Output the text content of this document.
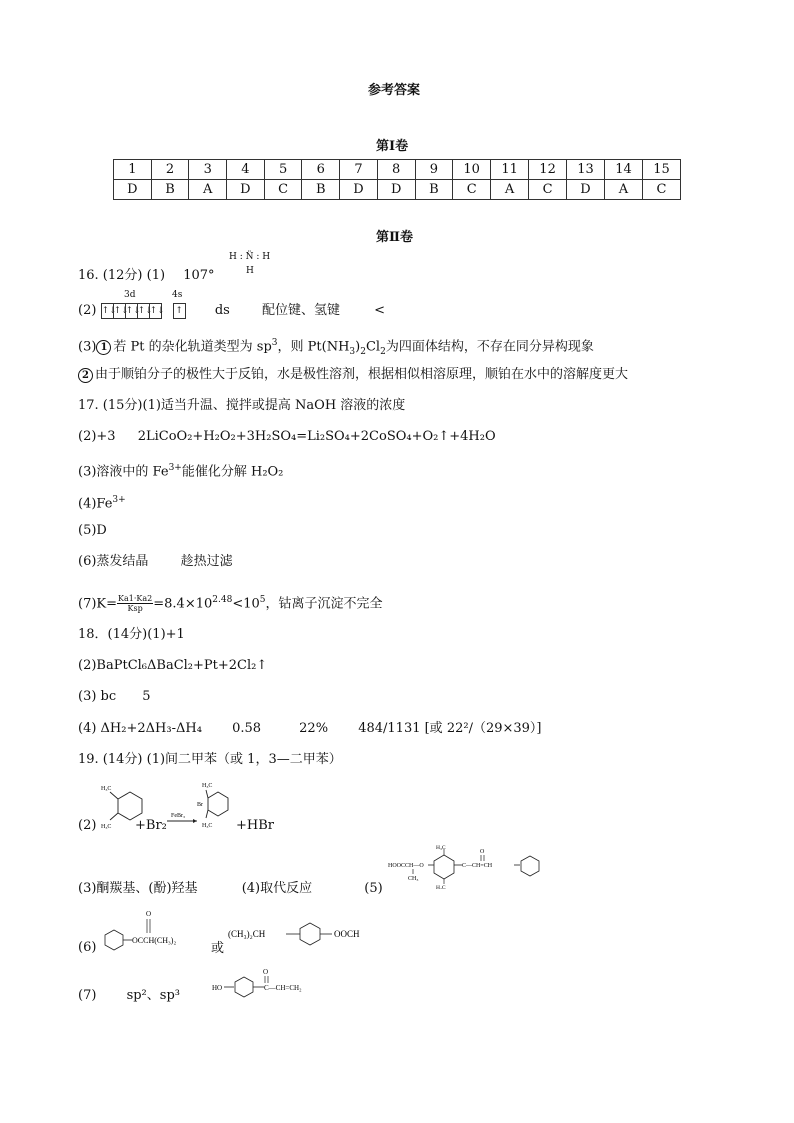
参考答案
第Ⅰ卷
1	2	3	4	5	6	7	8	9	10	11	12	13	14	15
D	B	A	D	C	B	D	D	B	C	A	C	D	A	C
第Ⅱ卷
16. (12分) (1) 107°
H : N̈ : H
H
3d	4s
(2) ↑↓↑↓↑↓↑↓↑↓ ↑ ds 配位键、氢键	<
(3) 1 若 Pt 的杂化轨道类型为 $sp^3$，则 $Pt(NH_3)_2Cl_2$为四面体结构，不存在同分异构现象
2 由于顺铂分子的极性大于反铂，水是极性溶剂，根据相似相溶原理，顺铂在水中的溶解度更大
17. (15分)(1)适当升温、搅拌或提高 NaOH 溶液的浓度
(2)+3 2LiCoO₂+H₂O₂+3H₂SO₄=Li₂SO₄+2CoSO₄+O₂↑+4H₂O
(3)溶液中的 $Fe^{3+}$能催化分解 H₂O₂
$(4)Fe^{3+}$
(5)D
(6)蒸发结晶 趁热过滤
$(7)K= \frac{Ka1\cdot Ka2}{\text{Ksp}} =8.4\times 10^{2.48}<10^5$，钴离子沉淀不完全
18．(14分)(1)+1
(2)BaPtCl₆ΔBaCl₂+Pt+2Cl₂↑
(3) bc 5
(4) ΔH₂+2ΔH₃-ΔH₄ 0.58	22% 484/1131 [或 22²/（29×39）]
19. (14分) (1)间二甲苯（或 1，3—二甲苯）
(2)
H₃C
H₃C +Br₂
FeBr₃
H₃C
Br
H₃C +HBr
(3)酮羰基、(酚)羟基	(4)取代反应	(5)
HOOCCH—O
CH₃
H₃C
H₃C
C—CH=CH
O
(6)	OCCH(CH₃)₂
O
或
(CH₃)₂CH	OOCH
(7) sp²、sp³	HO	C—CH=CH₂
O
